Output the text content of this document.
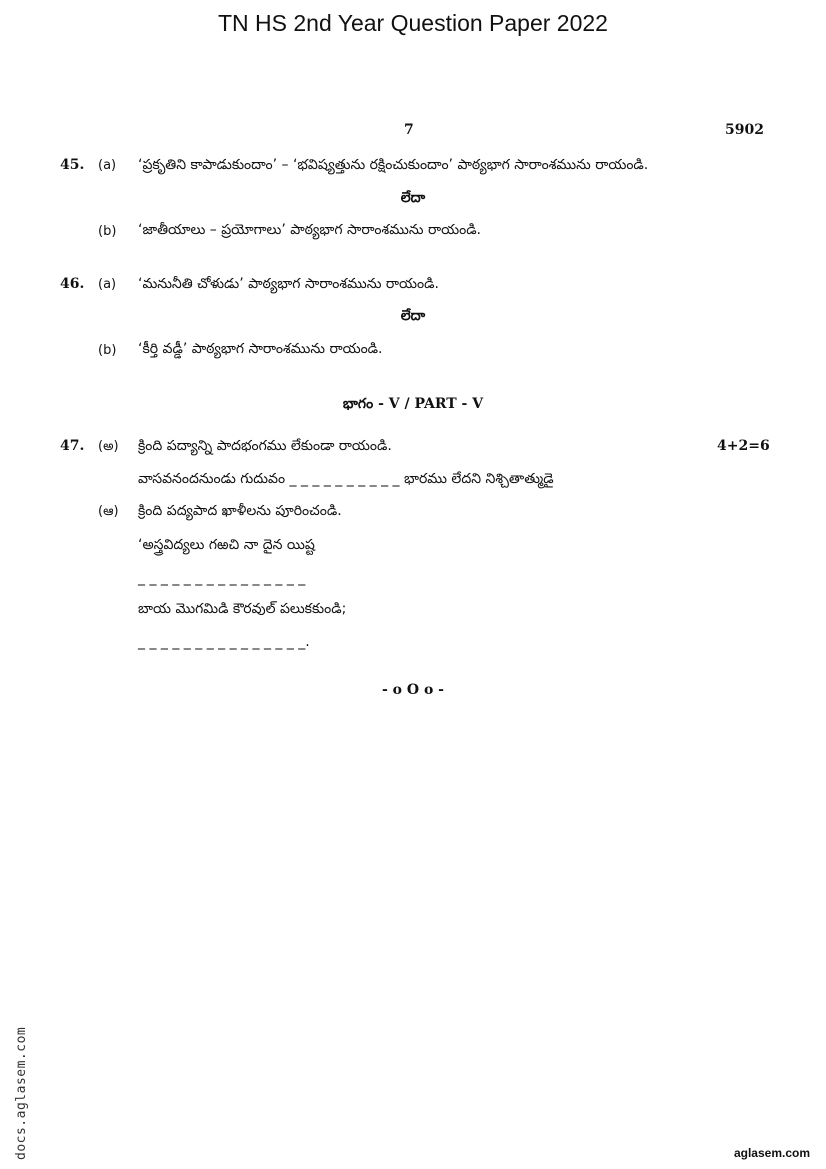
TN HS 2nd Year Question Paper 2022
7	5902
45. (a) ‘ప్రకృతిని కాపాడుకుందాం’ – ‘భవిష్యత్తును రక్షించుకుందాం’ పాఠ్యభాగ సారాంశమును రాయండి.
లేదా
(b) ‘జాతీయాలు – ప్రయోగాలు’ పాఠ్యభాగ సారాంశమును రాయండి.
46. (a) ‘మనునీతి చోళుడు’ పాఠ్యభాగ సారాంశమును రాయండి.
లేదా
(b) ‘కీర్తి వడ్డీ’ పాఠ్యభాగ సారాంశమును రాయండి.
భాగం - V / PART - V
47. (అ) క్రింది పద్యాన్ని పాదభంగము లేకుండా రాయండి.	4+2=6
వాసవనందనుండు గుదువం _ _ _ _ _ _ _ _ _ _ భారము లేదని నిశ్చితాత్ముడై
(ఆ) క్రింది పద్యపాద ఖాళీలను పూరించండి.
‘అస్త్రవిద్యలు గఱచి నా దైన యిష్ట
_ _ _ _ _ _ _ _ _ _ _ _ _ _ _
బాయ మొగమిడి కౌరవుల్ పలుకకుండి;
_ _ _ _ _ _ _ _ _ _ _ _ _ _ _.
- o O o -
docs.aglasem.com	aglasem.com
